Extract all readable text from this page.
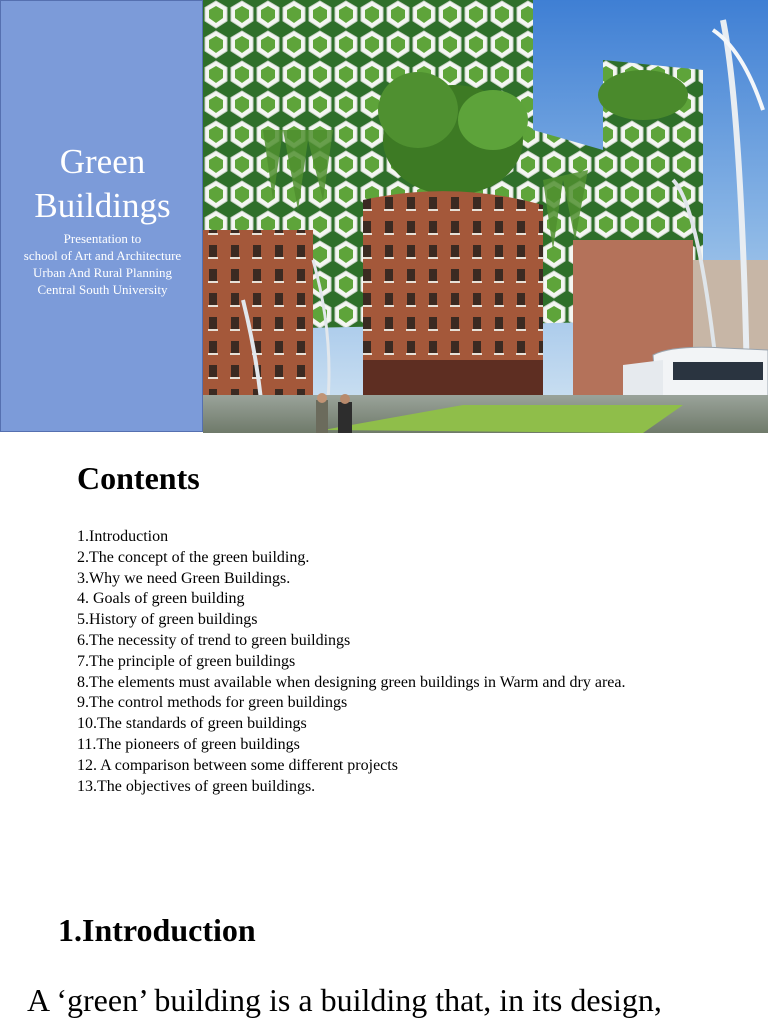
Green
Buildings
Presentation to
school of Art and Architecture
Urban And Rural Planning
Central South University
Contents
1.Introduction
2.The concept of the green building.
3.Why we need Green Buildings.
4. Goals of green building
5.History of green buildings
6.The necessity of trend to green buildings
7.The principle of green buildings
8.The elements must available when designing green buildings in Warm and dry area.
9.The control methods for green buildings
10.The standards of green buildings
11.The pioneers of green buildings
12. A comparison between some different projects
13.The objectives of green buildings.
1.Introduction

A ‘green’ building is a building that, in its design,
